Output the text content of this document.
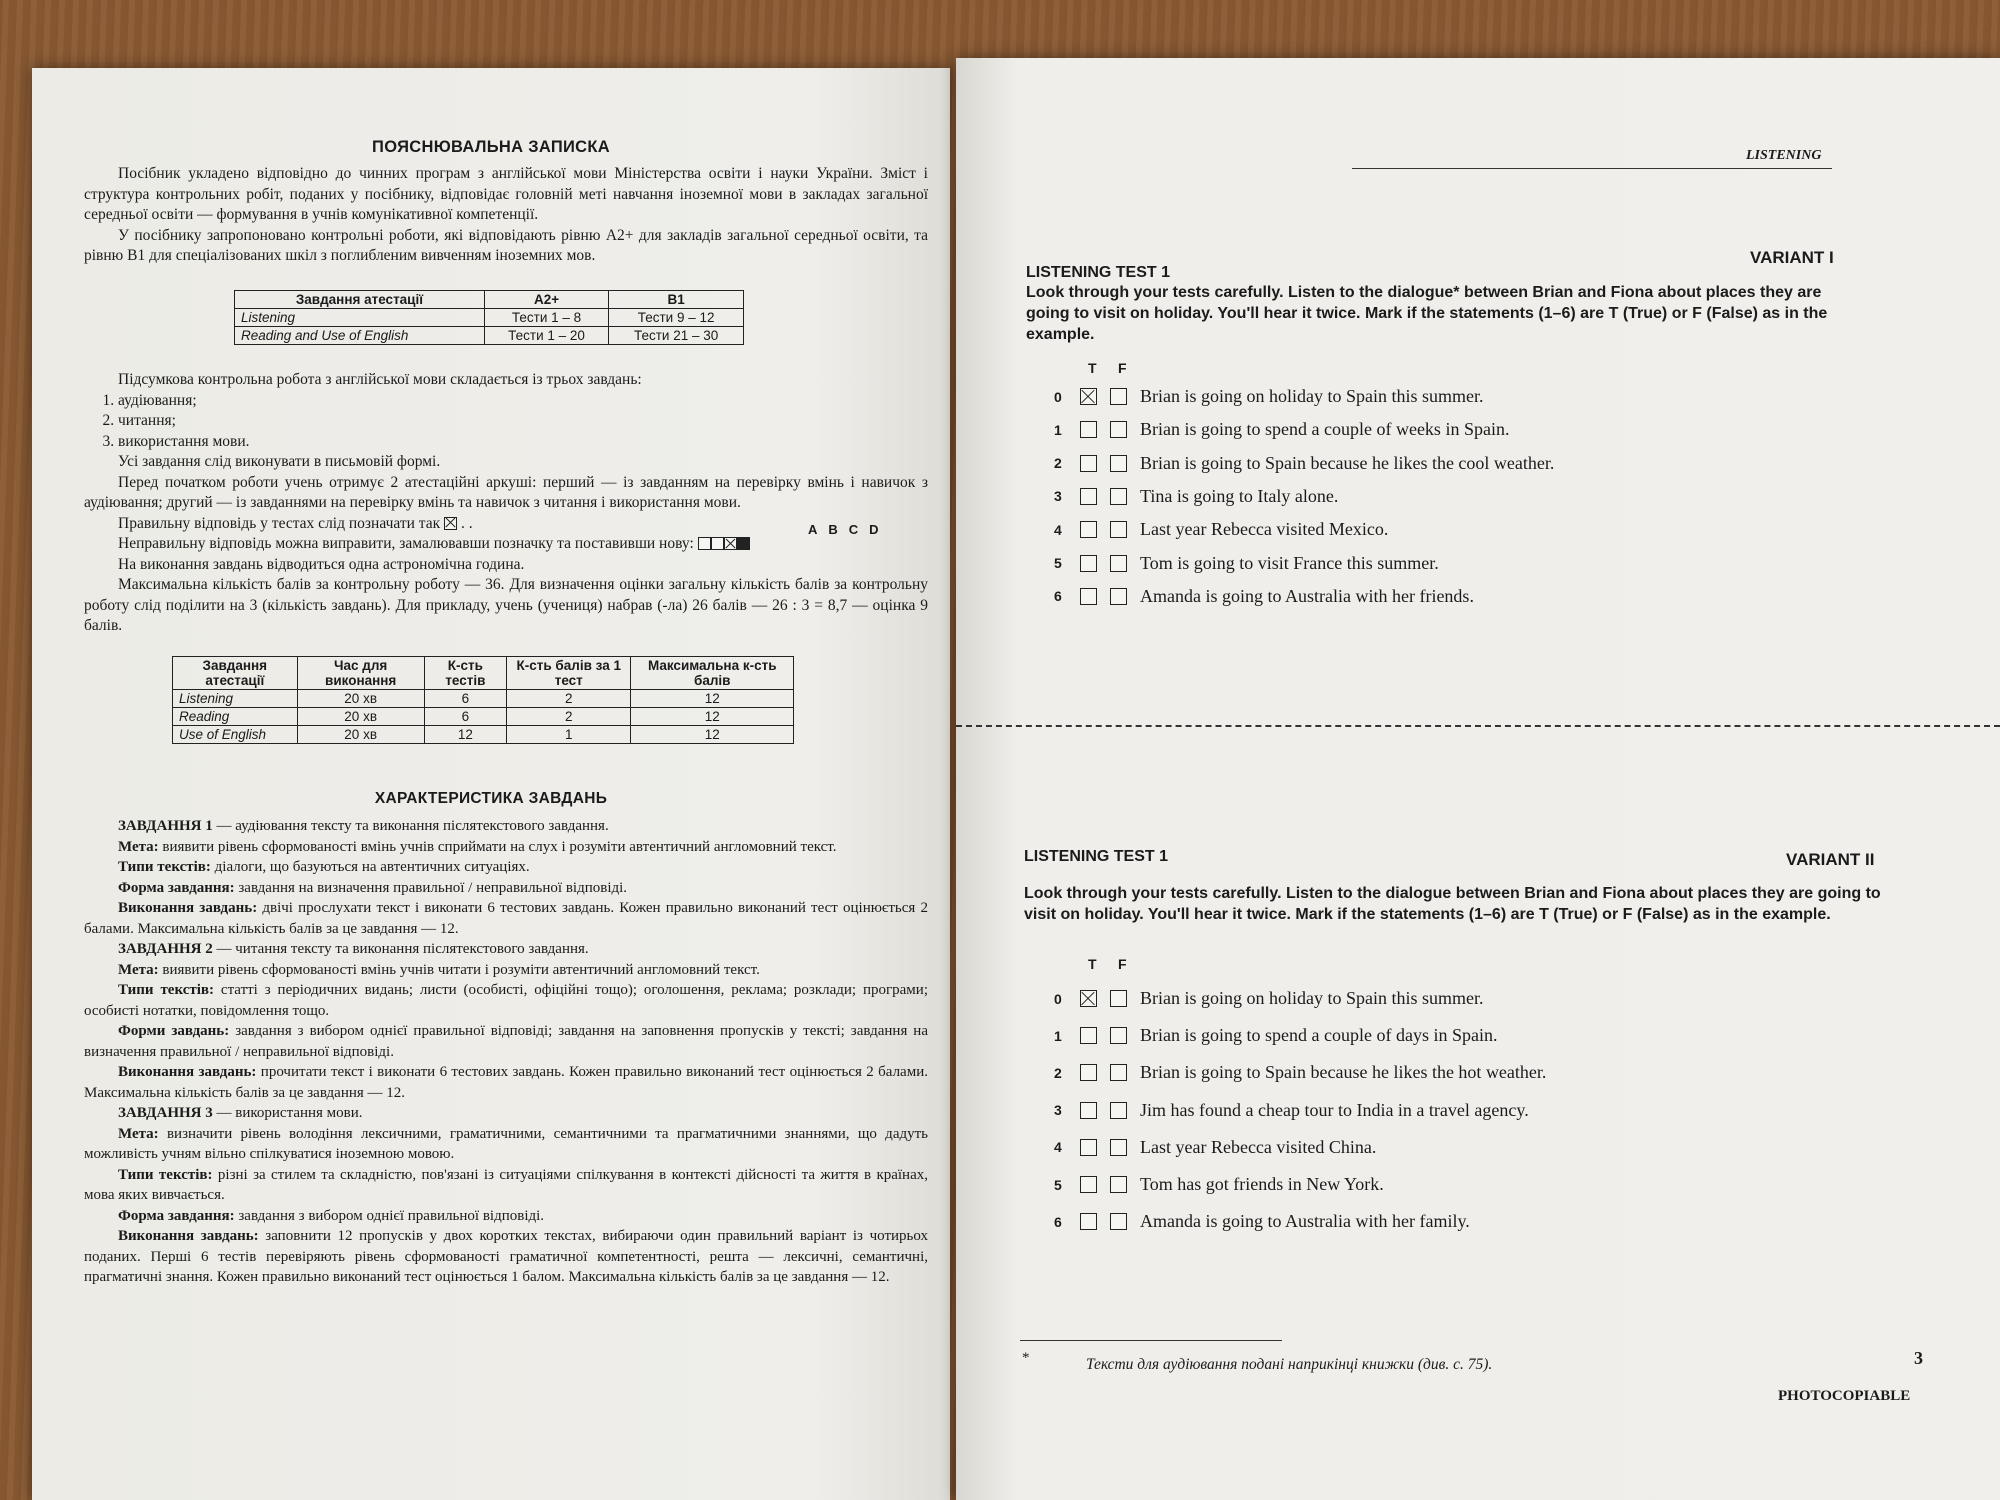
ПОЯСНЮВАЛЬНА ЗАПИСКА

Посібник укладено відповідно до чинних програм з англійської мови Міністерства освіти і науки України. Зміст і структура контрольних робіт, поданих у посібнику, відповідає головній меті навчання іноземної мови в закладах загальної середньої освіти — формування в учнів комунікативної компетенції.

У посібнику запропоновано контрольні роботи, які відповідають рівню A2+ для закладів загальної середньої освіти, та рівню B1 для спеціалізованих шкіл з поглибленим вивченням іноземних мов.

Завдання атестації	A2+	B1
Listening	Тести 1 – 8	Тести 9 – 12
Reading and Use of English	Тести 1 – 20	Тести 21 – 30

Підсумкова контрольна робота з англійської мови складається із трьох завдань:

1. аудіювання;
2. читання;
3. використання мови.

Усі завдання слід виконувати в письмовій формі.

Перед початком роботи учень отримує 2 атестаційні аркуші: перший — із завданням на перевірку вмінь і навичок з аудіювання; другий — із завданнями на перевірку вмінь та навичок з читання і використання мови.

Правильну відповідь у тестах слід позначати так  . .

Неправильну відповідь можна виправити, замалювавши позначку та поставивши нову:

На виконання завдань відводиться одна астрономічна година.

Максимальна кількість балів за контрольну роботу — 36. Для визначення оцінки загальну кількість балів за контрольну роботу слід поділити на 3 (кількість завдань). Для прикладу, учень (учениця) набрав (-ла) 26 балів — 26 : 3 = 8,7 — оцінка 9 балів.

ABCD
Завдання атестації	Час для виконання	К-сть тестів	К-сть балів за 1 тест	Максимальна к-сть балів
Listening	20 хв	6	2	12
Reading	20 хв	6	2	12
Use of English	20 хв	12	1	12
ХАРАКТЕРИСТИКА ЗАВДАНЬ

ЗАВДАННЯ 1 — аудіювання тексту та виконання післятекстового завдання.

Мета: виявити рівень сформованості вмінь учнів сприймати на слух і розуміти автентичний англомовний текст.

Типи текстів: діалоги, що базуються на автентичних ситуаціях.

Форма завдання: завдання на визначення правильної / неправильної відповіді.

Виконання завдань: двічі прослухати текст і виконати 6 тестових завдань. Кожен правильно виконаний тест оцінюється 2 балами. Максимальна кількість балів за це завдання — 12.

ЗАВДАННЯ 2 — читання тексту та виконання післятекстового завдання.

Мета: виявити рівень сформованості вмінь учнів читати і розуміти автентичний англомовний текст.

Типи текстів: статті з періодичних видань; листи (особисті, офіційні тощо); оголошення, реклама; розклади; програми; особисті нотатки, повідомлення тощо.

Форми завдань: завдання з вибором однієї правильної відповіді; завдання на заповнення пропусків у тексті; завдання на визначення правильної / неправильної відповіді.

Виконання завдань: прочитати текст і виконати 6 тестових завдань. Кожен правильно виконаний тест оцінюється 2 балами. Максимальна кількість балів за це завдання — 12.

ЗАВДАННЯ 3 — використання мови.

Мета: визначити рівень володіння лексичними, граматичними, семантичними та прагматичними знаннями, що дадуть можливість учням вільно спілкуватися іноземною мовою.

Типи текстів: різні за стилем та складністю, пов'язані із ситуаціями спілкування в контексті дійсності та життя в країнах, мова яких вивчається.

Форма завдання: завдання з вибором однієї правильної відповіді.

Виконання завдань: заповнити 12 пропусків у двох коротких текстах, вибираючи один правильний варіант із чотирьох поданих. Перші 6 тестів перевіряють рівень сформованості граматичної компетентності, решта — лексичні, семантичні, прагматичні знання. Кожен правильно виконаний тест оцінюється 1 балом. Максимальна кількість балів за це завдання — 12.

LISTENING
LISTENING TEST 1
VARIANT I
Look through your tests carefully. Listen to the dialogue* between Brian and Fiona about places they are going to visit on holiday. You'll hear it twice. Mark if the statements (1–6) are T (True) or F (False) as in the example.
T F
0	Brian is going on holiday to Spain this summer.
1	Brian is going to spend a couple of weeks in Spain.
2	Brian is going to Spain because he likes the cool weather.
3	Tina is going to Italy alone.
4	Last year Rebecca visited Mexico.
5	Tom is going to visit France this summer.
6	Amanda is going to Australia with her friends.
LISTENING TEST 1	VARIANT II
Look through your tests carefully. Listen to the dialogue between Brian and Fiona about places they are going to visit on holiday. You'll hear it twice. Mark if the statements (1–6) are T (True) or F (False) as in the example.
T F
0	Brian is going on holiday to Spain this summer.
1	Brian is going to spend a couple of days in Spain.
2	Brian is going to Spain because he likes the hot weather.
3	Jim has found a cheap tour to India in a travel agency.
4	Last year Rebecca visited China.
5	Tom has got friends in New York.
6	Amanda is going to Australia with her family.
*	Тексти для аудіювання подані наприкінці книжки (див. с. 75).	3
PHOTOCOPIABLE
